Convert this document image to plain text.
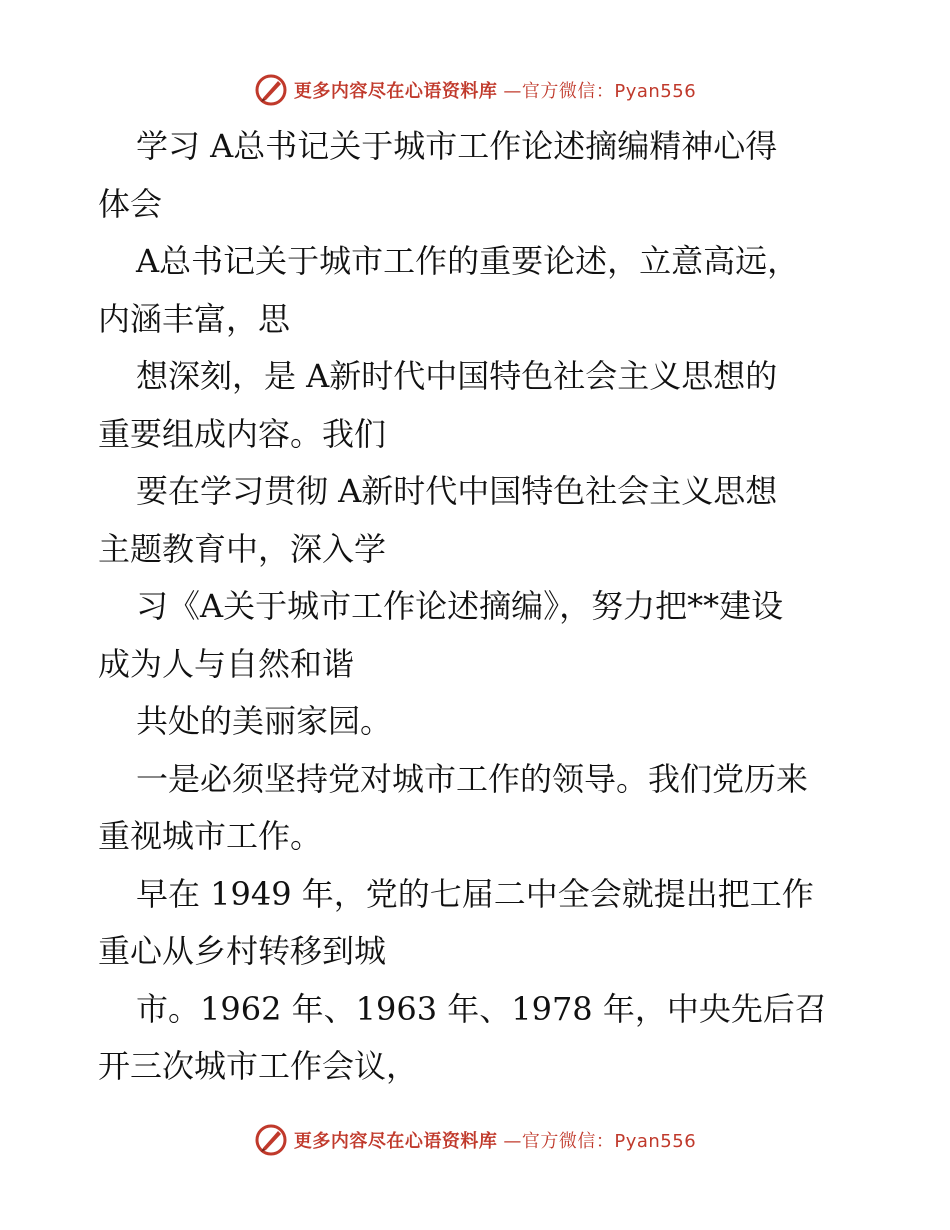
更多内容尽在心语资料库 —官方微信：Pyan556
学习 A总书记关于城市工作论述摘编精神心得
体会
A总书记关于城市工作的重要论述，立意高远，
内涵丰富，思
想深刻，是 A新时代中国特色社会主义思想的
重要组成内容。我们
要在学习贯彻 A新时代中国特色社会主义思想
主题教育中，深入学
习《A关于城市工作论述摘编》，努力把**建设
成为人与自然和谐
共处的美丽家园。
一是必须坚持党对城市工作的领导。我们党历来
重视城市工作。
早在 1949 年，党的七届二中全会就提出把工作
重心从乡村转移到城
市。1962 年、1963 年、1978 年，中央先后召
开三次城市工作会议，
更多内容尽在心语资料库 —官方微信：Pyan556
